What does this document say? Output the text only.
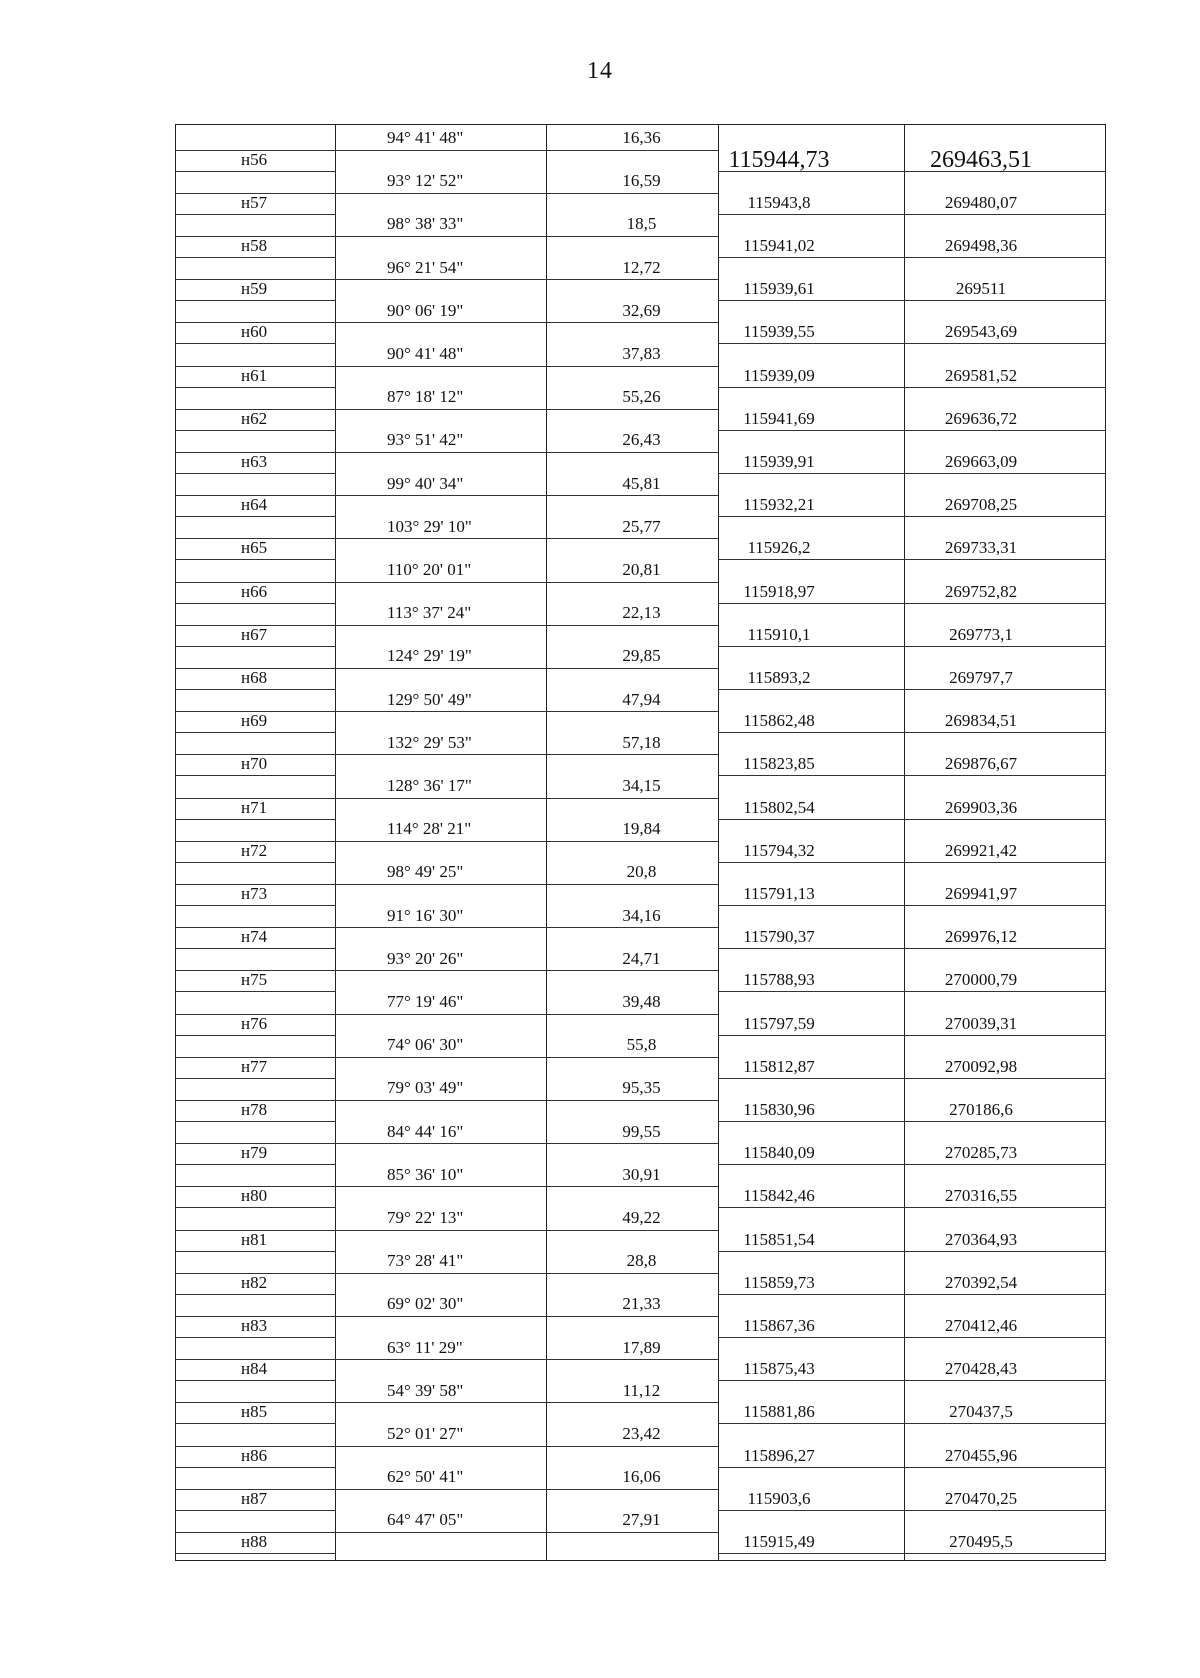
14
94° 41' 48"	16,36
н56	115944,73	269463,51
93° 12' 52"	16,59
н57	115943,8	269480,07
98° 38' 33"	18,5
н58	115941,02	269498,36
96° 21' 54"	12,72
н59	115939,61	269511
90° 06' 19"	32,69
н60	115939,55	269543,69
90° 41' 48"	37,83
н61	115939,09	269581,52
87° 18' 12"	55,26
н62	115941,69	269636,72
93° 51' 42"	26,43
н63	115939,91	269663,09
99° 40' 34"	45,81
н64	115932,21	269708,25
103° 29' 10"	25,77
н65	115926,2	269733,31
110° 20' 01"	20,81
н66	115918,97	269752,82
113° 37' 24"	22,13
н67	115910,1	269773,1
124° 29' 19"	29,85
н68	115893,2	269797,7
129° 50' 49"	47,94
н69	115862,48	269834,51
132° 29' 53"	57,18
н70	115823,85	269876,67
128° 36' 17"	34,15
н71	115802,54	269903,36
114° 28' 21"	19,84
н72	115794,32	269921,42
98° 49' 25"	20,8
н73	115791,13	269941,97
91° 16' 30"	34,16
н74	115790,37	269976,12
93° 20' 26"	24,71
н75	115788,93	270000,79
77° 19' 46"	39,48
н76	115797,59	270039,31
74° 06' 30"	55,8
н77	115812,87	270092,98
79° 03' 49"	95,35
н78	115830,96	270186,6
84° 44' 16"	99,55
н79	115840,09	270285,73
85° 36' 10"	30,91
н80	115842,46	270316,55
79° 22' 13"	49,22
н81	115851,54	270364,93
73° 28' 41"	28,8
н82	115859,73	270392,54
69° 02' 30"	21,33
н83	115867,36	270412,46
63° 11' 29"	17,89
н84	115875,43	270428,43
54° 39' 58"	11,12
н85	115881,86	270437,5
52° 01' 27"	23,42
н86	115896,27	270455,96
62° 50' 41"	16,06
н87	115903,6	270470,25
64° 47' 05"	27,91
н88	115915,49	270495,5
